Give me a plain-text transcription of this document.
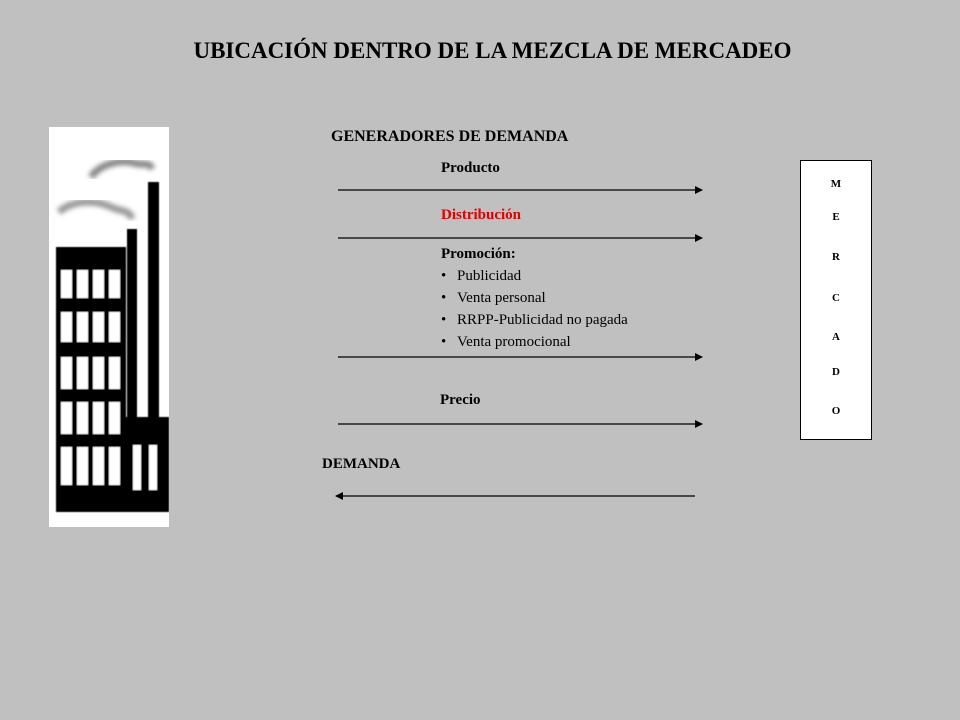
UBICACIÓN DENTRO DE LA MEZCLA DE MERCADEO
GENERADORES DE DEMANDA
Producto
Distribución
Promoción:
• Publicidad
• Venta personal
• RRPP-Publicidad no pagada
• Venta promocional
Precio
DEMANDA
M
E
R
C
A
D
O
